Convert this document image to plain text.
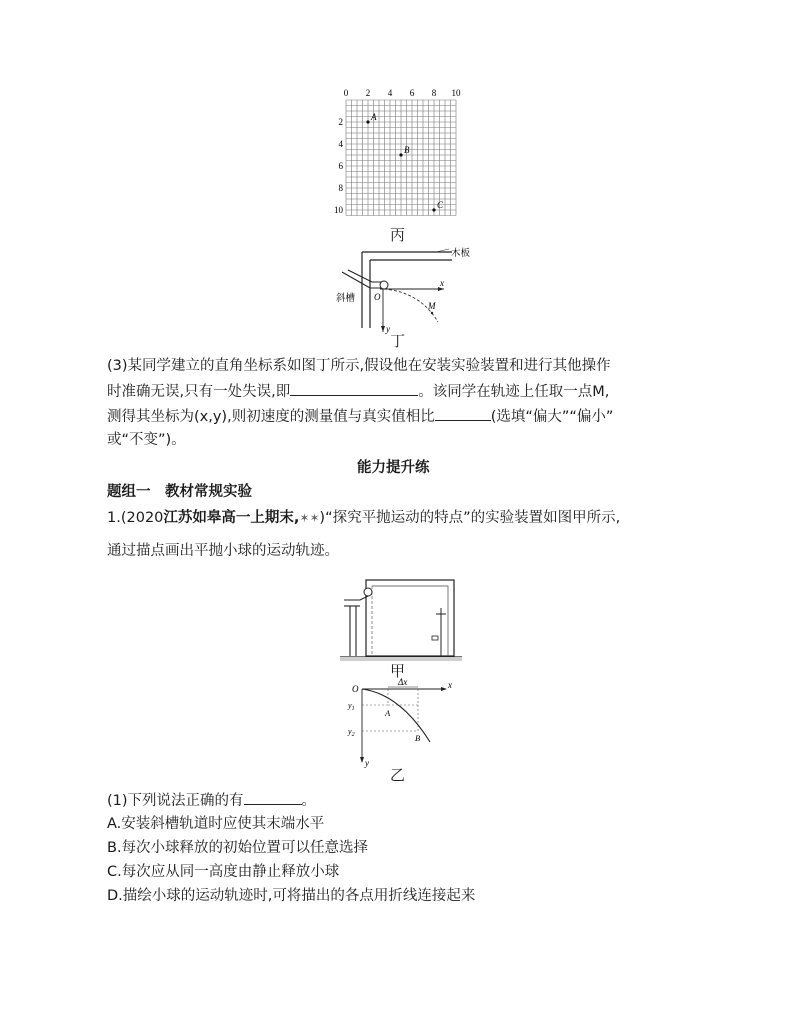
0 2 4 6 8 10
2
4
6
8
10
A
B
C
丙
木板
斜槽 O
x
y
M
丁
(3)某同学建立的直角坐标系如图丁所示,假设他在安装实验装置和进行其他操作
时准确无误,只有一处失误,即	。该同学在轨迹上任取一点M,
测得其坐标为(x,y),则初速度的测量值与真实值相比	(选填“偏大”“偏小”
或“不变”)。
能力提升练
题组一　教材常规实验
1.(2020江苏如皋高一上期末,✶✶)“探究平抛运动的特点”的实验装置如图甲所示,
通过描点画出平抛小球的运动轨迹。
甲
O
Δx	x
y
$y_1$
$y_2$
A
B
乙
(1)下列说法正确的有	。
A.安装斜槽轨道时应使其末端水平
B.每次小球释放的初始位置可以任意选择
C.每次应从同一高度由静止释放小球
D.描绘小球的运动轨迹时,可将描出的各点用折线连接起来
